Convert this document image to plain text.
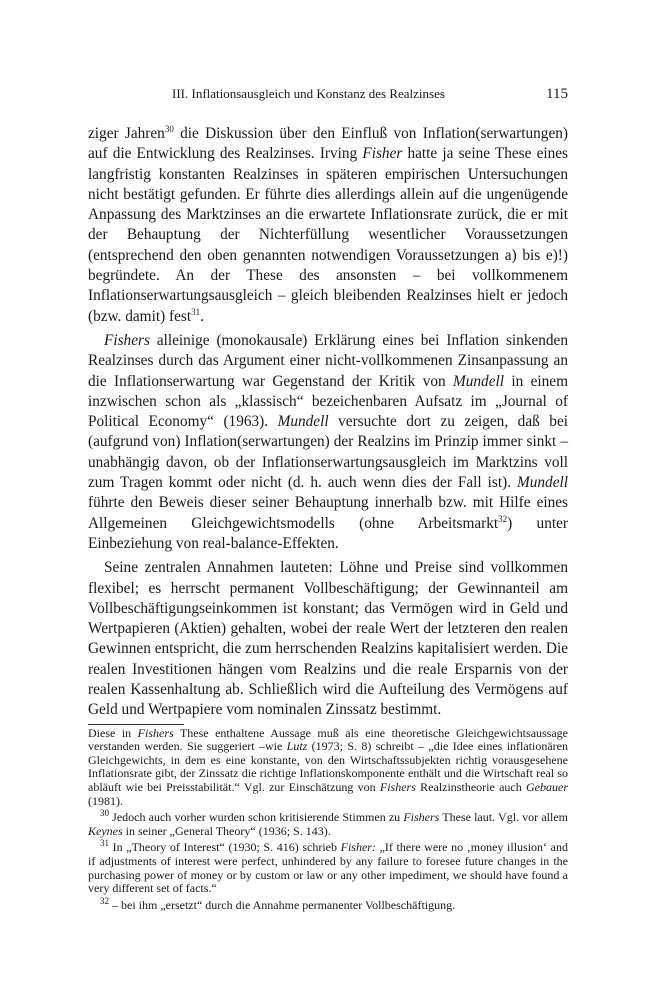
III. Inflationsausgleich und Konstanz des Realzinses	115

ziger Jahren$^{30}$ die Diskussion über den Einfluß von Inflation(serwartungen) auf die Entwicklung des Realzinses. Irving Fisher hatte ja seine These eines langfristig konstanten Realzinses in späteren empirischen Untersuchungen nicht bestätigt gefunden. Er führte dies allerdings allein auf die ungenügende Anpassung des Marktzinses an die erwartete Inflationsrate zurück, die er mit der Behauptung der Nichterfüllung wesentlicher Voraussetzungen (entsprechend den oben genannten notwendigen Voraussetzungen a) bis e)!) begründete. An der These des ansonsten – bei vollkommenem Inflationserwartungsausgleich – gleich bleibenden Realzinses hielt er jedoch (bzw. damit) fest$^{31}$.

Fishers alleinige (monokausale) Erklärung eines bei Inflation sinkenden Realzinses durch das Argument einer nicht-vollkommenen Zinsanpassung an die Inflationserwartung war Gegenstand der Kritik von Mundell in einem inzwischen schon als „klassisch“ bezeichenbaren Aufsatz im „Journal of Political Economy“ (1963). Mundell versuchte dort zu zeigen, daß bei (aufgrund von) Inflation(serwartungen) der Realzins im Prinzip immer sinkt – unabhängig davon, ob der Inflationserwartungsausgleich im Marktzins voll zum Tragen kommt oder nicht (d. h. auch wenn dies der Fall ist). Mundell führte den Beweis dieser seiner Behauptung innerhalb bzw. mit Hilfe eines Allgemeinen Gleichgewichtsmodells (ohne Arbeitsmarkt$^{32}$) unter Einbeziehung von real-balance-Effekten.

Seine zentralen Annahmen lauteten: Löhne und Preise sind vollkommen flexibel; es herrscht permanent Vollbeschäftigung; der Gewinnanteil am Vollbeschäftigungseinkommen ist konstant; das Vermögen wird in Geld und Wertpapieren (Aktien) gehalten, wobei der reale Wert der letzteren den realen Gewinnen entspricht, die zum herrschenden Realzins kapitalisiert werden. Die realen Investitionen hängen vom Realzins und die reale Ersparnis von der realen Kassenhaltung ab. Schließlich wird die Aufteilung des Vermögens auf Geld und Wertpapiere vom nominalen Zinssatz bestimmt.

Diese in Fishers These enthaltene Aussage muß als eine theoretische Gleichgewichtsaussage verstanden werden. Sie suggeriert –wie Lutz (1973; S. 8) schreibt – „die Idee eines inflationären Gleichgewichts, in dem es eine konstante, von den Wirtschaftssubjekten richtig vorausgesehene Inflationsrate gibt, der Zinssatz die richtige Inflationskomponente enthält und die Wirtschaft real so abläuft wie bei Preisstabilität.“ Vgl. zur Einschätzung von Fishers Realzinstheorie auch Gebauer (1981).

$^{30}$ Jedoch auch vorher wurden schon kritisierende Stimmen zu Fishers These laut. Vgl. vor allem Keynes in seiner „General Theory“ (1936; S. 143).

$^{31}$ In „Theory of Interest“ (1930; S. 416) schrieb Fisher: „If there were no ‚money illusion‘ and if adjustments of interest were perfect, unhindered by any failure to foresee future changes in the purchasing power of money or by custom or law or any other impediment, we should have found a very different set of facts.“

$^{32}$ – bei ihm „ersetzt“ durch die Annahme permanenter Vollbeschäftigung.
